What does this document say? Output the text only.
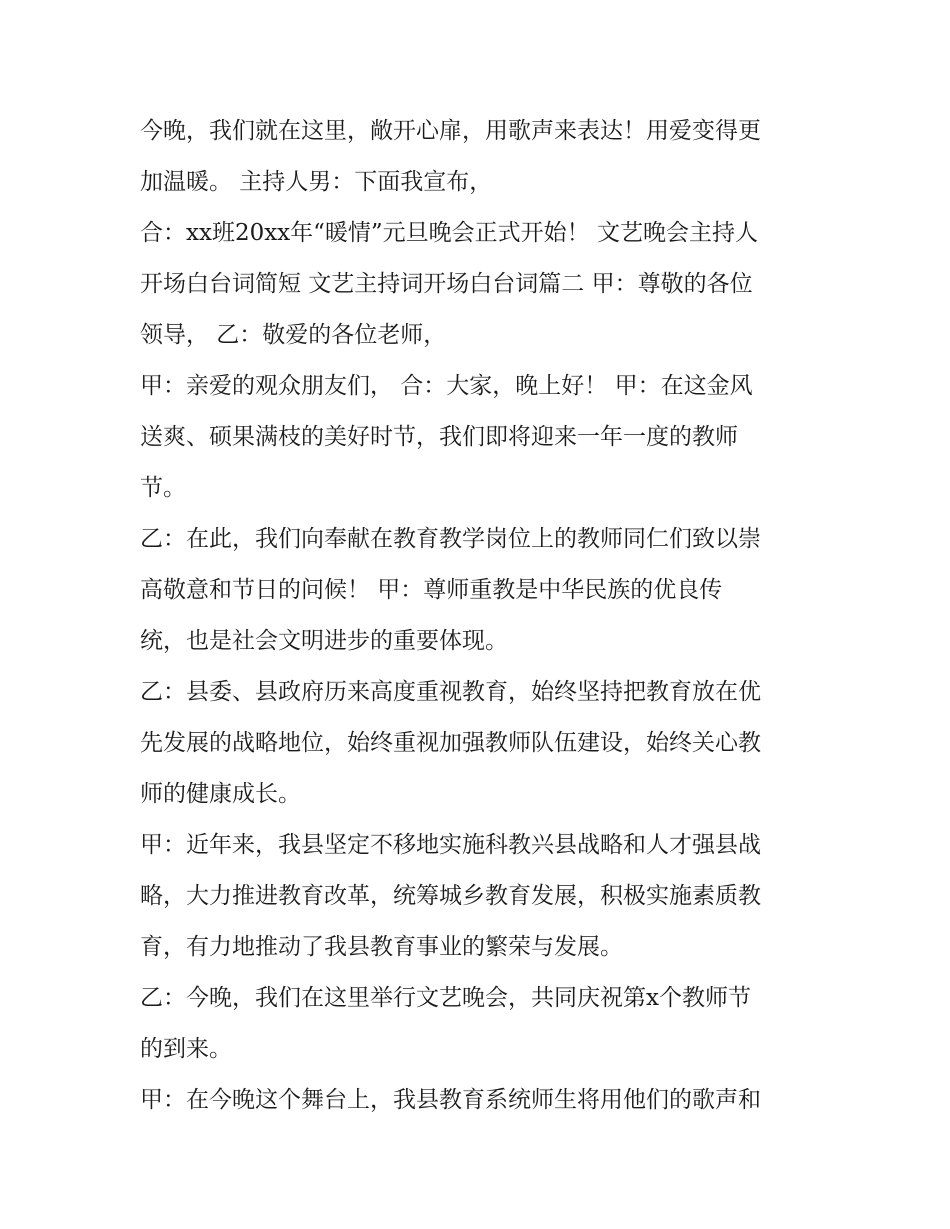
今晚，我们就在这里，敞开心扉，用歌声来表达！用爱变得更
加温暖。 主持人男：下面我宣布，
合：xx班20xx年“暖情”元旦晚会正式开始！ 文艺晚会主持人
开场白台词简短 文艺主持词开场白台词篇二 甲：尊敬的各位
领导， 乙：敬爱的各位老师，
甲：亲爱的观众朋友们， 合：大家，晚上好！ 甲：在这金风
送爽、硕果满枝的美好时节，我们即将迎来一年一度的教师
节。
乙：在此，我们向奉献在教育教学岗位上的教师同仁们致以崇
高敬意和节日的问候！ 甲：尊师重教是中华民族的优良传
统，也是社会文明进步的重要体现。
乙：县委、县政府历来高度重视教育，始终坚持把教育放在优
先发展的战略地位，始终重视加强教师队伍建设，始终关心教
师的健康成长。
甲：近年来，我县坚定不移地实施科教兴县战略和人才强县战
略，大力推进教育改革，统筹城乡教育发展，积极实施素质教
育，有力地推动了我县教育事业的繁荣与发展。
乙：今晚，我们在这里举行文艺晚会，共同庆祝第x个教师节
的到来。
甲：在今晚这个舞台上，我县教育系统师生将用他们的歌声和
